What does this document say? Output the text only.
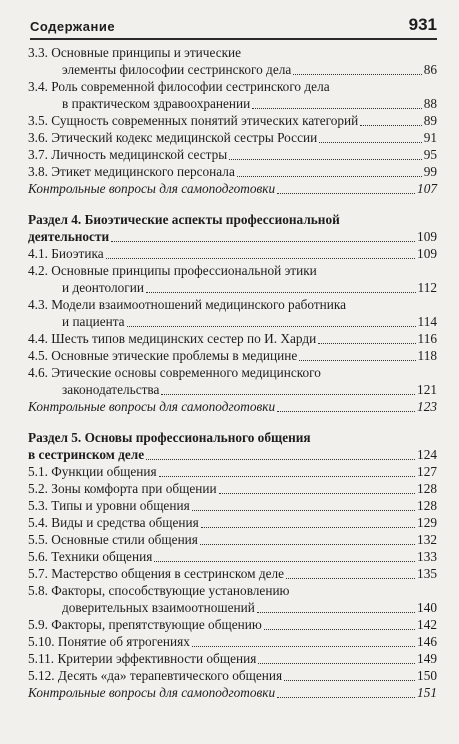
Содержание	931
3.3. Основные принципы и этические
элементы философии сестринского дела	86
3.4. Роль современной философии сестринского дела
в практическом здравоохранении	88
3.5. Сущность современных понятий этических категорий	89
3.6. Этический кодекс медицинской сестры России	91
3.7. Личность медицинской сестры	95
3.8. Этикет медицинского персонала	99
Контрольные вопросы для самоподготовки	107
Раздел 4. Биоэтические аспекты профессиональной
деятельности	109
4.1. Биоэтика	109
4.2. Основные принципы профессиональной этики
и деонтологии	112
4.3. Модели взаимоотношений медицинского работника
и пациента	114
4.4. Шесть типов медицинских сестер по И. Харди	116
4.5. Основные этические проблемы в медицине	118
4.6. Этические основы современного медицинского
законодательства	121
Контрольные вопросы для самоподготовки	123
Раздел 5. Основы профессионального общения
в сестринском деле	124
5.1. Функции общения	127
5.2. Зоны комфорта при общении	128
5.3. Типы и уровни общения	128
5.4. Виды и средства общения	129
5.5. Основные стили общения	132
5.6. Техники общения	133
5.7. Мастерство общения в сестринском деле	135
5.8. Факторы, способствующие установлению
доверительных взаимоотношений	140
5.9. Факторы, препятствующие общению	142
5.10. Понятие об ятрогениях	146
5.11. Критерии эффективности общения	149
5.12. Десять «да» терапевтического общения	150
Контрольные вопросы для самоподготовки	151
